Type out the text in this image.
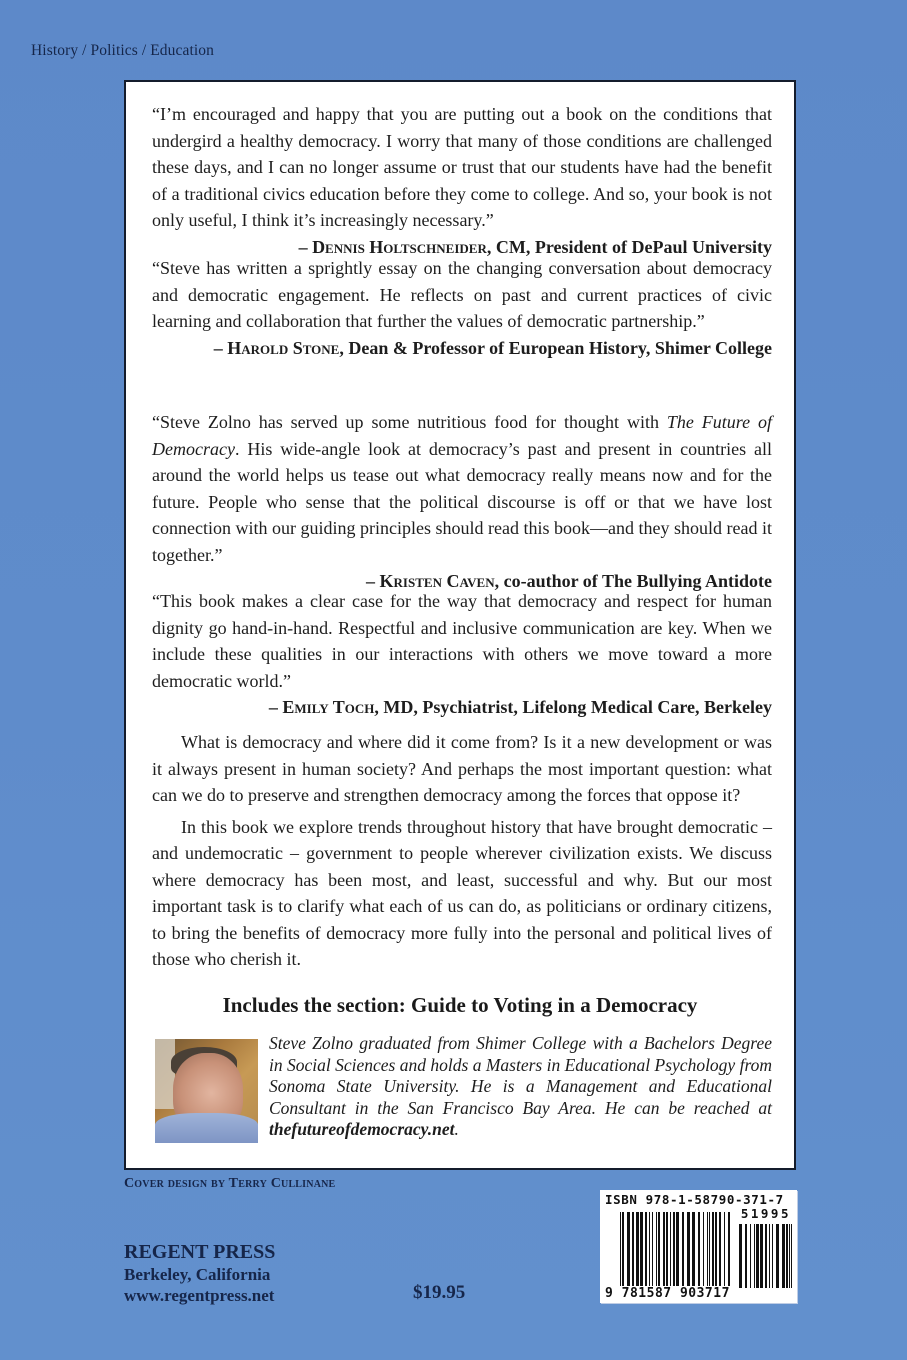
History / Politics / Education
“I’m encouraged and happy that you are putting out a book on the conditions that undergird a healthy democracy. I worry that many of those conditions are challenged these days, and I can no longer assume or trust that our students have had the benefit of a traditional civics education before they come to college. And so, your book is not only useful, I think it’s increasingly necessary.”
– Dennis Holtschneider, CM, President of DePaul University
“Steve has written a sprightly essay on the changing conversation about democracy and democratic engagement. He reflects on past and current practices of civic learning and collaboration that further the values of democratic partnership.”
– Harold Stone, Dean & Professor of European History, Shimer College
“Steve Zolno has served up some nutritious food for thought with The Future of Democracy. His wide-angle look at democracy’s past and present in countries all around the world helps us tease out what democracy really means now and for the future. People who sense that the political discourse is off or that we have lost connection with our guiding principles should read this book—and they should read it together.”
– Kristen Caven, co-author of The Bullying Antidote
“This book makes a clear case for the way that democracy and respect for human dignity go hand-in-hand. Respectful and inclusive communication are key. When we include these qualities in our interactions with others we move toward a more democratic world.”
– Emily Toch, MD, Psychiatrist, Lifelong Medical Care, Berkeley

What is democracy and where did it come from? Is it a new development or was it always present in human society? And perhaps the most important question: what can we do to preserve and strengthen democracy among the forces that oppose it?

In this book we explore trends throughout history that have brought democratic – and undemocratic – government to people wherever civilization exists. We discuss where democracy has been most, and least, successful and why. But our most important task is to clarify what each of us can do, as politicians or ordinary citizens, to bring the benefits of democracy more fully into the personal and political lives of those who cherish it.

Includes the section: Guide to Voting in a Democracy
Steve Zolno graduated from Shimer College with a Bachelors Degree in Social Sciences and holds a Masters in Educational Psychology from Sonoma State University. He is a Management and Educational Consultant in the San Francisco Bay Area. He can be reached at thefutureofdemocracy.net.
Cover design by Terry Cullinane
REGENT PRESS
Berkeley, California
www.regentpress.net	$19.95
ISBN 978-1-58790-371-7
51995
9 781587 903717
